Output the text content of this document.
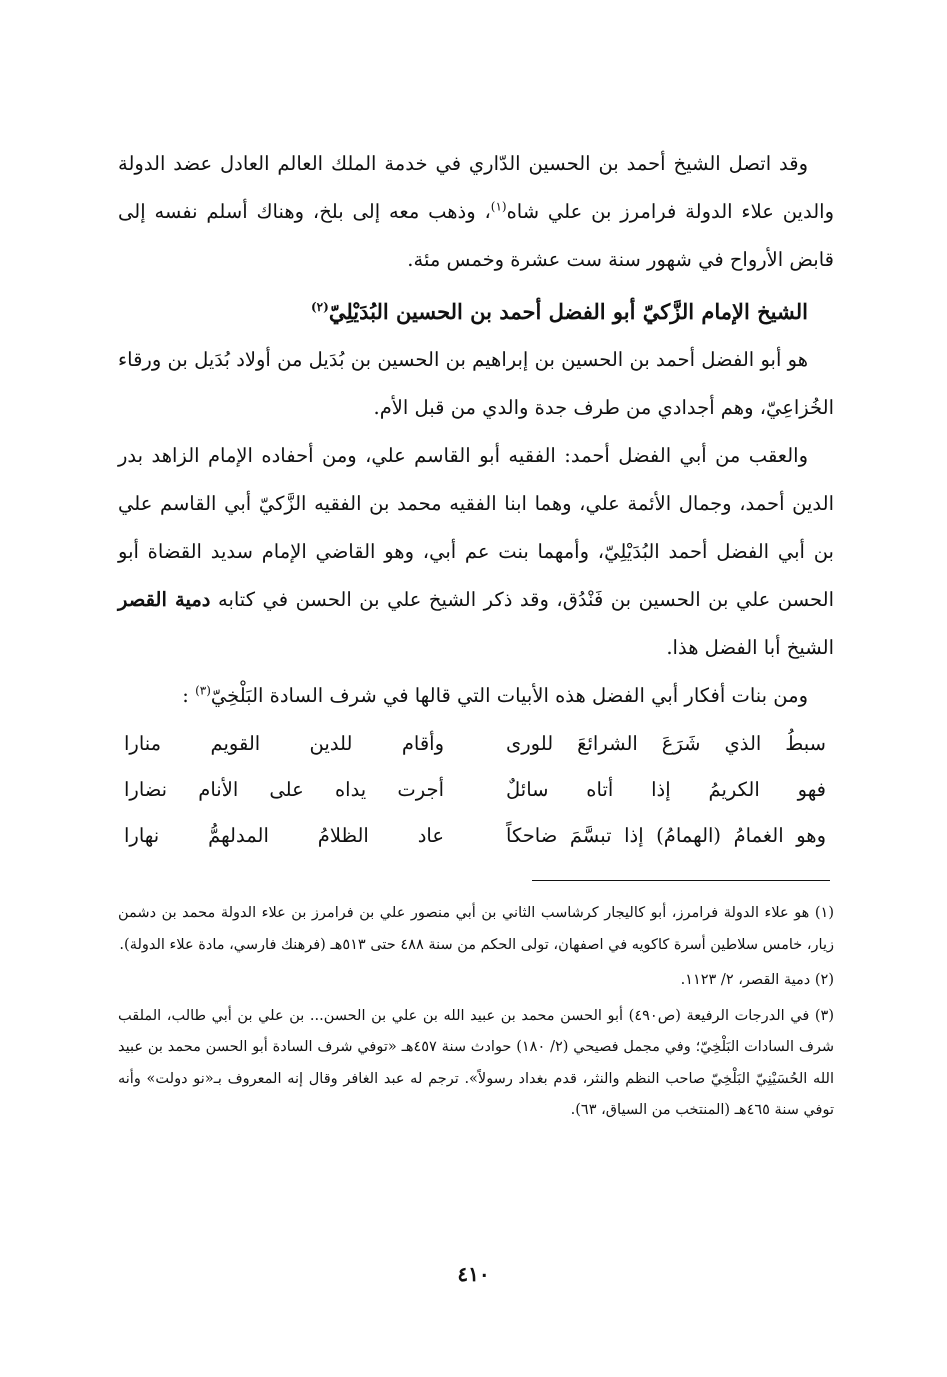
وقد اتصل الشيخ أحمد بن الحسين الدّاري في خدمة الملك العالم العادل عضد الدولة والدين علاء الدولة فرامرز بن علي شاه$^{(١)}$، وذهب معه إلى بلخ، وهناك أسلم نفسه إلى قابض الأرواح في شهور سنة ست عشرة وخمس مئة.

الشيخ الإمام الزَّكيّ أبو الفضل أحمد بن الحسين البُدَيْلِيّ$^{(٢)}$

هو أبو الفضل أحمد بن الحسين بن إبراهيم بن الحسين بن بُدَيل من أولاد بُدَيل بن ورقاء الخُزاعِيّ، وهم أجدادي من طرف جدة والدي من قبل الأم.

والعقب من أبي الفضل أحمد: الفقيه أبو القاسم علي، ومن أحفاده الإمام الزاهد بدر الدين أحمد، وجمال الأئمة علي، وهما ابنا الفقيه محمد بن الفقيه الزَّكيّ أبي القاسم علي بن أبي الفضل أحمد البُدَيْلِيّ، وأمهما بنت عم أبي، وهو القاضي الإمام سديد القضاة أبو الحسن علي بن الحسين بن فَنْدُق، وقد ذكر الشيخ علي بن الحسن في كتابه دمية القصر الشيخ أبا الفضل هذا.

ومن بنات أفكار أبي الفضل هذه الأبيات التي قالها في شرف السادة البَلْخِيّ$^{(٣)}$ :

سبطُ الذي شَرَعَ الشرائعَ للورى
وأقام للدين القويم منارا
فهو الكريمُ إذا أتاه سائلٌ
أجرت يداه على الأنام نضارا
وهو الغمامُ (الهمامُ) إذا تبسَّمَ ضاحكاً
عاد الظلامُ المدلهمُّ نهارا

(١) هو علاء الدولة فرامرز، أبو كاليجار كرشاسب الثاني بن أبي منصور علي بن فرامرز بن علاء الدولة محمد بن دشمن زيار، خامس سلاطين أسرة كاكويه في اصفهان، تولى الحكم من سنة ٤٨٨ حتى ٥١٣هـ (فرهنك فارسي، مادة علاء الدولة).

(٢) دمية القصر، ٢/ ١١٢٣.

(٣) في الدرجات الرفيعة (ص٤٩٠) أبو الحسن محمد بن عبيد الله بن علي بن الحسن... بن علي بن أبي طالب، الملقب شرف السادات البَلْخِيّ؛ وفي مجمل فصيحي (٢/ ١٨٠) حوادث سنة ٤٥٧هـ «توفي شرف السادة أبو الحسن محمد بن عبيد الله الحُسَيْنِيّ البَلْخِيّ صاحب النظم والنثر، قدم بغداد رسولاً». ترجم له عبد الغافر وقال إنه المعروف بـ«نو دولت» وأنه توفي سنة ٤٦٥هـ (المنتخب من السياق، ٦٣).

٤١٠
